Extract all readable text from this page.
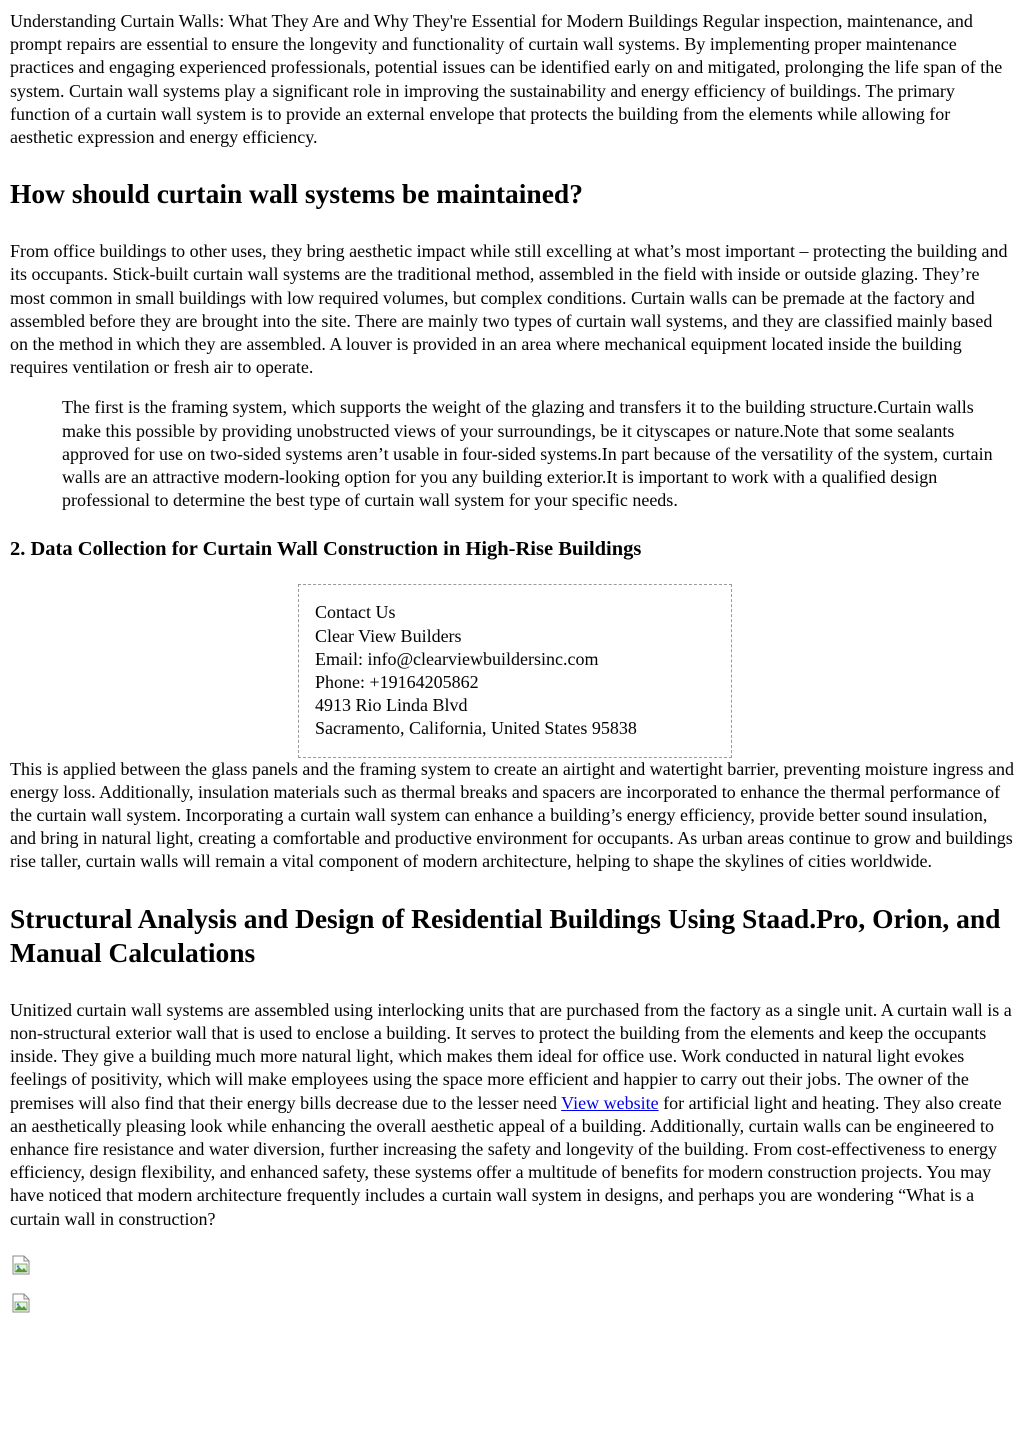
Understanding Curtain Walls: What They Are and Why They're Essential for Modern Buildings Regular inspection, maintenance, and prompt repairs are essential to ensure the longevity and functionality of curtain wall systems. By implementing proper maintenance practices and engaging experienced professionals, potential issues can be identified early on and mitigated, prolonging the life span of the system. Curtain wall systems play a significant role in improving the sustainability and energy efficiency of buildings. The primary function of a curtain wall system is to provide an external envelope that protects the building from the elements while allowing for aesthetic expression and energy efficiency.

How should curtain wall systems be maintained?

From office buildings to other uses, they bring aesthetic impact while still excelling at what’s most important – protecting the building and its occupants. Stick-built curtain wall systems are the traditional method, assembled in the field with inside or outside glazing. They’re most common in small buildings with low required volumes, but complex conditions. Curtain walls can be premade at the factory and assembled before they are brought into the site. There are mainly two types of curtain wall systems, and they are classified mainly based on the method in which they are assembled. A louver is provided in an area where mechanical equipment located inside the building requires ventilation or fresh air to operate.

The first is the framing system, which supports the weight of the glazing and transfers it to the building structure.Curtain walls make this possible by providing unobstructed views of your surroundings, be it cityscapes or nature.Note that some sealants approved for use on two-sided systems aren’t usable in four-sided systems.In part because of the versatility of the system, curtain walls are an attractive modern-looking option for you any building exterior.It is important to work with a qualified design professional to determine the best type of curtain wall system for your specific needs.

2. Data Collection for Curtain Wall Construction in High-Rise Buildings
Contact Us
Clear View Builders
Email: info@clearviewbuildersinc.com
Phone: +19164205862
4913 Rio Linda Blvd
Sacramento, California, United States 95838

This is applied between the glass panels and the framing system to create an airtight and watertight barrier, preventing moisture ingress and energy loss. Additionally, insulation materials such as thermal breaks and spacers are incorporated to enhance the thermal performance of the curtain wall system. Incorporating a curtain wall system can enhance a building’s energy efficiency, provide better sound insulation, and bring in natural light, creating a comfortable and productive environment for occupants. As urban areas continue to grow and buildings rise taller, curtain walls will remain a vital component of modern architecture, helping to shape the skylines of cities worldwide.

Structural Analysis and Design of Residential Buildings Using Staad.Pro, Orion, and Manual Calculations

Unitized curtain wall systems are assembled using interlocking units that are purchased from the factory as a single unit. A curtain wall is a non-structural exterior wall that is used to enclose a building. It serves to protect the building from the elements and keep the occupants inside. They give a building much more natural light, which makes them ideal for office use. Work conducted in natural light evokes feelings of positivity, which will make employees using the space more efficient and happier to carry out their jobs. The owner of the premises will also find that their energy bills decrease due to the lesser need View website for artificial light and heating. They also create an aesthetically pleasing look while enhancing the overall aesthetic appeal of a building. Additionally, curtain walls can be engineered to enhance fire resistance and water diversion, further increasing the safety and longevity of the building. From cost-effectiveness to energy efficiency, design flexibility, and enhanced safety, these systems offer a multitude of benefits for modern construction projects. You may have noticed that modern architecture frequently includes a curtain wall system in designs, and perhaps you are wondering “What is a curtain wall in construction?
